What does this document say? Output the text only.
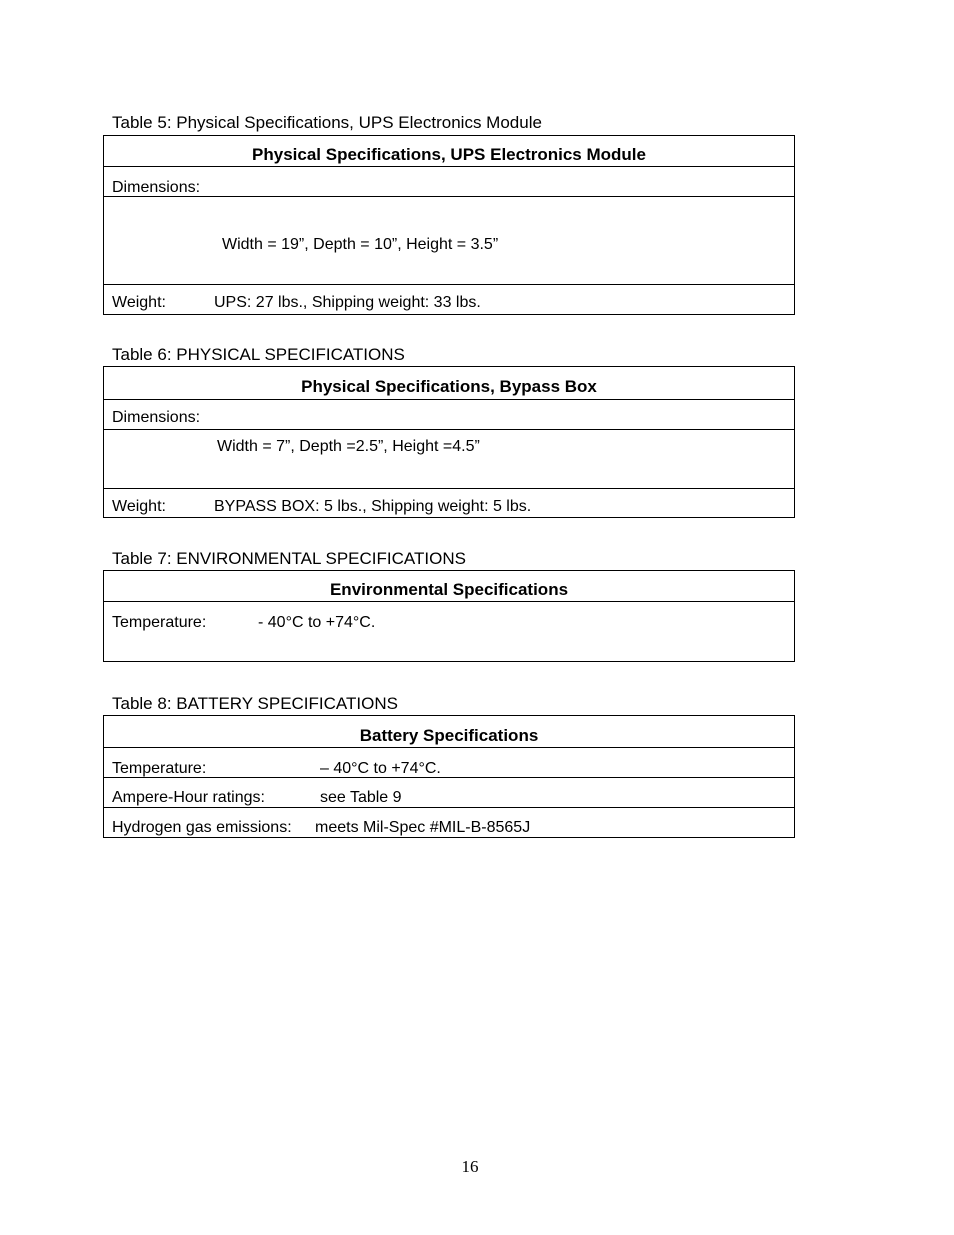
Table 5: Physical Specifications, UPS Electronics Module
Physical Specifications, UPS Electronics Module
Dimensions:
Width = 19”, Depth = 10”, Height = 3.5”
Weight:	UPS: 27 lbs., Shipping weight: 33 lbs.
Table 6: PHYSICAL SPECIFICATIONS
Physical Specifications, Bypass Box
Dimensions:
Width = 7”, Depth =2.5”, Height =4.5”
Weight:	BYPASS BOX: 5 lbs., Shipping weight: 5 lbs.
Table 7: ENVIRONMENTAL SPECIFICATIONS
Environmental Specifications
Temperature:	- 40°C to +74°C.
Table 8: BATTERY SPECIFICATIONS
Battery Specifications
Temperature:	– 40°C to +74°C.
Ampere-Hour ratings:	see Table 9
Hydrogen gas emissions: meets Mil-Spec #MIL-B-8565J
16
